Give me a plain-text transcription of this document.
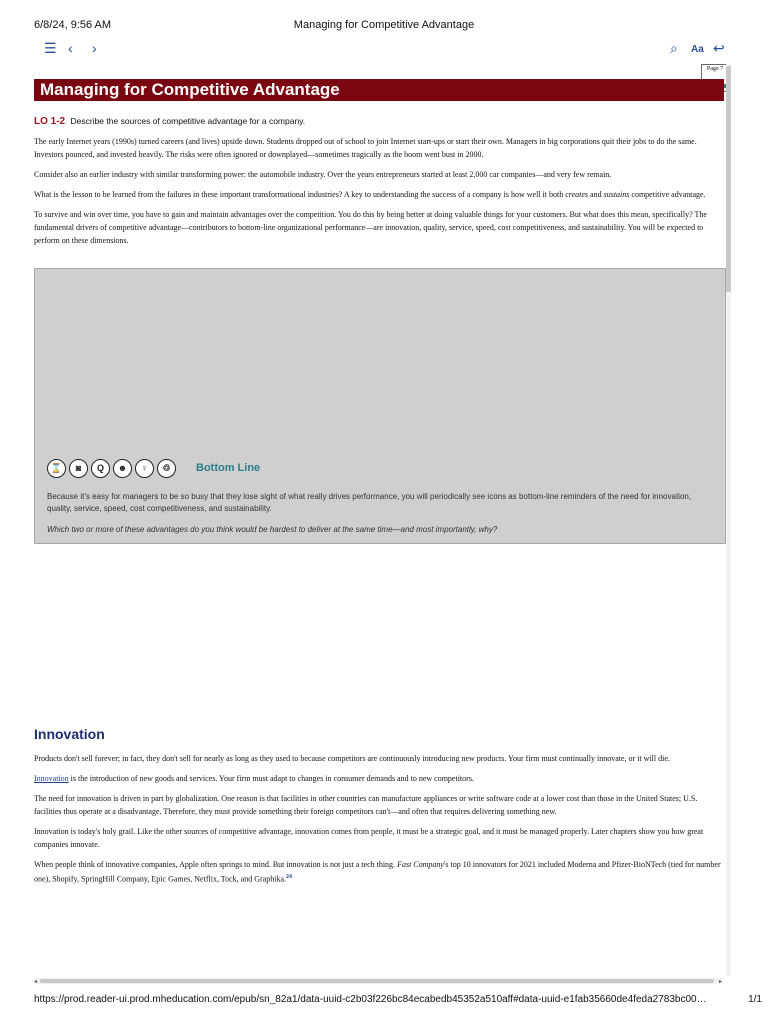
6/8/24, 9:56 AM	Managing for Competitive Advantage
☰ ‹ ›	⌕ Aa ↩
Page 7
Managing for Competitive Advantage
LO 1-2 Describe the sources of competitive advantage for a company.

The early Internet years (1990s) turned careers (and lives) upside down. Students dropped out of school to join Internet start-ups or start their own. Managers in big corporations quit their jobs to do the same. Investors pounced, and invested heavily. The risks were often ignored or downplayed—sometimes tragically as the boom went bust in 2000.

Consider also an earlier industry with similar transforming power: the automobile industry. Over the years entrepreneurs started at least 2,000 car companies—and very few remain.

What is the lesson to be learned from the failures in these important transformational industries? A key to understanding the success of a company is how well it both creates and sustains competitive advantage.

To survive and win over time, you have to gain and maintain advantages over the competition. You do this by being better at doing valuable things for your customers. But what does this mean, specifically? The fundamental drivers of competitive advantage—contributors to bottom-line organizational performance—are innovation, quality, service, speed, cost competitiveness, and sustainability. You will be expected to perform on these dimensions.

⌛	◙	Q	☻	♀	♲	Bottom Line
Because it's easy for managers to be so busy that they lose sight of what really drives performance, you will periodically see icons as bottom-line reminders of the need for innovation, quality, service, speed, cost competitiveness, and sustainability.
Which two or more of these advantages do you think would be hardest to deliver at the same time—and most importantly, why?
Innovation

Products don't sell forever; in fact, they don't sell for nearly as long as they used to because competitors are continuously introducing new products. Your firm must continually innovate, or it will die.

Innovation is the introduction of new goods and services. Your firm must adapt to changes in consumer demands and to new competitors.

The need for innovation is driven in part by globalization. One reason is that facilities in other countries can manufacture appliances or write software code at a lower cost than those in the United States; U.S. facilities thus operate at a disadvantage. Therefore, they must provide something their foreign competitors can't—and often that requires delivering something new.

Innovation is today's holy grail. Like the other sources of competitive advantage, innovation comes from people, it must be a strategic goal, and it must be managed properly. Later chapters show you how great companies innovate.

When people think of innovative companies, Apple often springs to mind. But innovation is not just a tech thing. Fast Company's top 10 innovators for 2021 included Moderna and Pfizer-BioNTech (tied for number one), Shopify, SpringHill Company, Epic Games, Netflix, Tock, and Graphika.$^{24}$

◂	▸
https://prod.reader-ui.prod.mheducation.com/epub/sn_82a1/data-uuid-c2b03f226bc84ecabedb45352a510aff#data-uuid-e1fab35660de4feda2783bc00…	1/1
